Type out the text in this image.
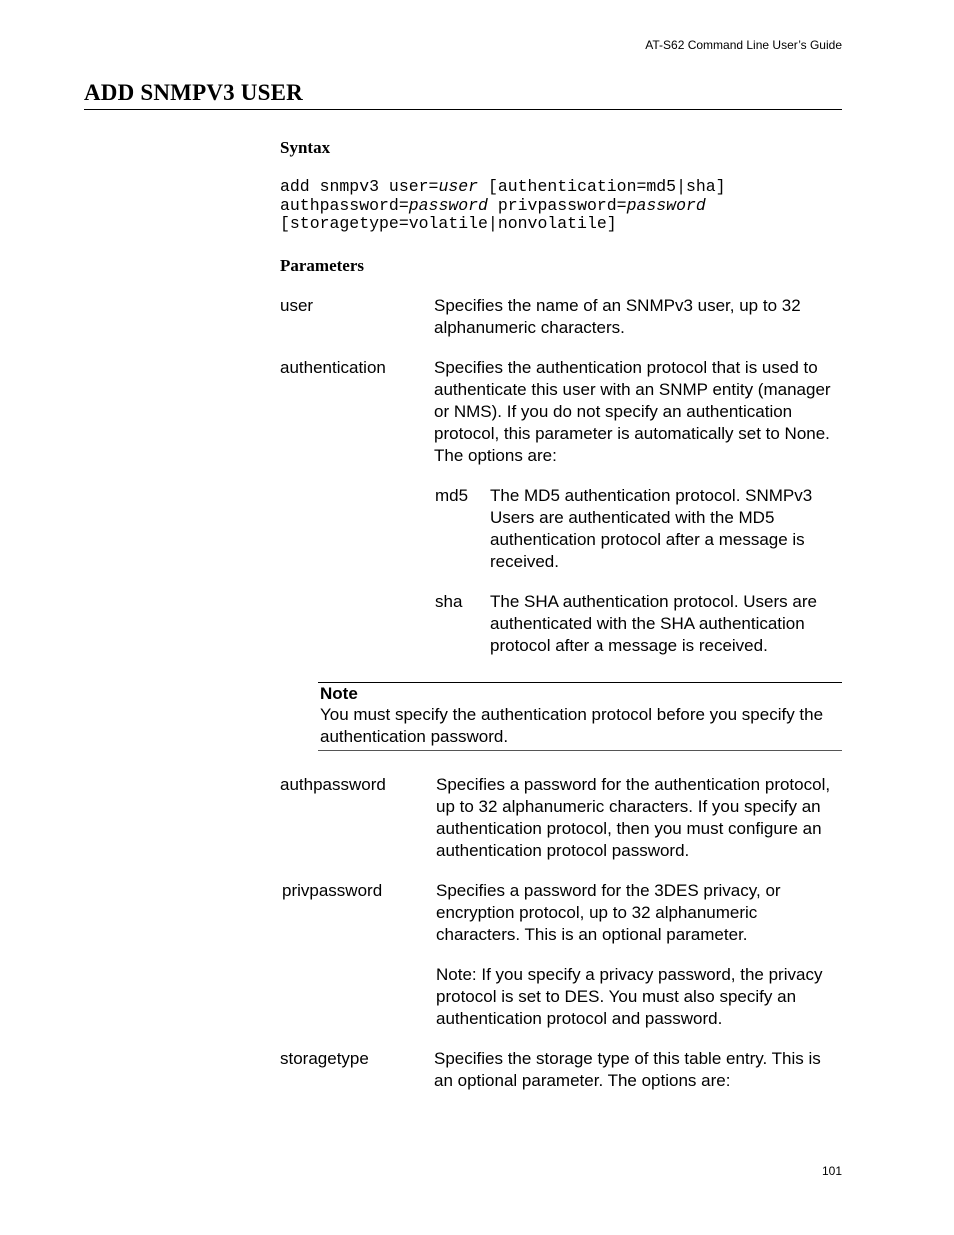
AT-S62 Command Line User’s Guide
ADD SNMPV3 USER
Syntax
add snmpv3 user=user [authentication=md5|sha]
authpassword=password privpassword=password
[storagetype=volatile|nonvolatile]
Parameters
user	Specifies the name of an SNMPv3 user, up to 32 alphanumeric characters.
authentication	Specifies the authentication protocol that is used to authenticate this user with an SNMP entity (manager or NMS). If you do not specify an authentication protocol, this parameter is automatically set to None. The options are:
md5 The MD5 authentication protocol. SNMPv3 Users are authenticated with the MD5 authentication protocol after a message is received.
sha The SHA authentication protocol. Users are authenticated with the SHA authentication protocol after a message is received.
Note
You must specify the authentication protocol before you specify the authentication password.
authpassword	Specifies a password for the authentication protocol, up to 32 alphanumeric characters. If you specify an authentication protocol, then you must configure an authentication protocol password.
privpassword	Specifies a password for the 3DES privacy, or encryption protocol, up to 32 alphanumeric characters. This is an optional parameter.
Note: If you specify a privacy password, the privacy protocol is set to DES. You must also specify an authentication protocol and password.
storagetype	Specifies the storage type of this table entry. This is an optional parameter. The options are:
101
